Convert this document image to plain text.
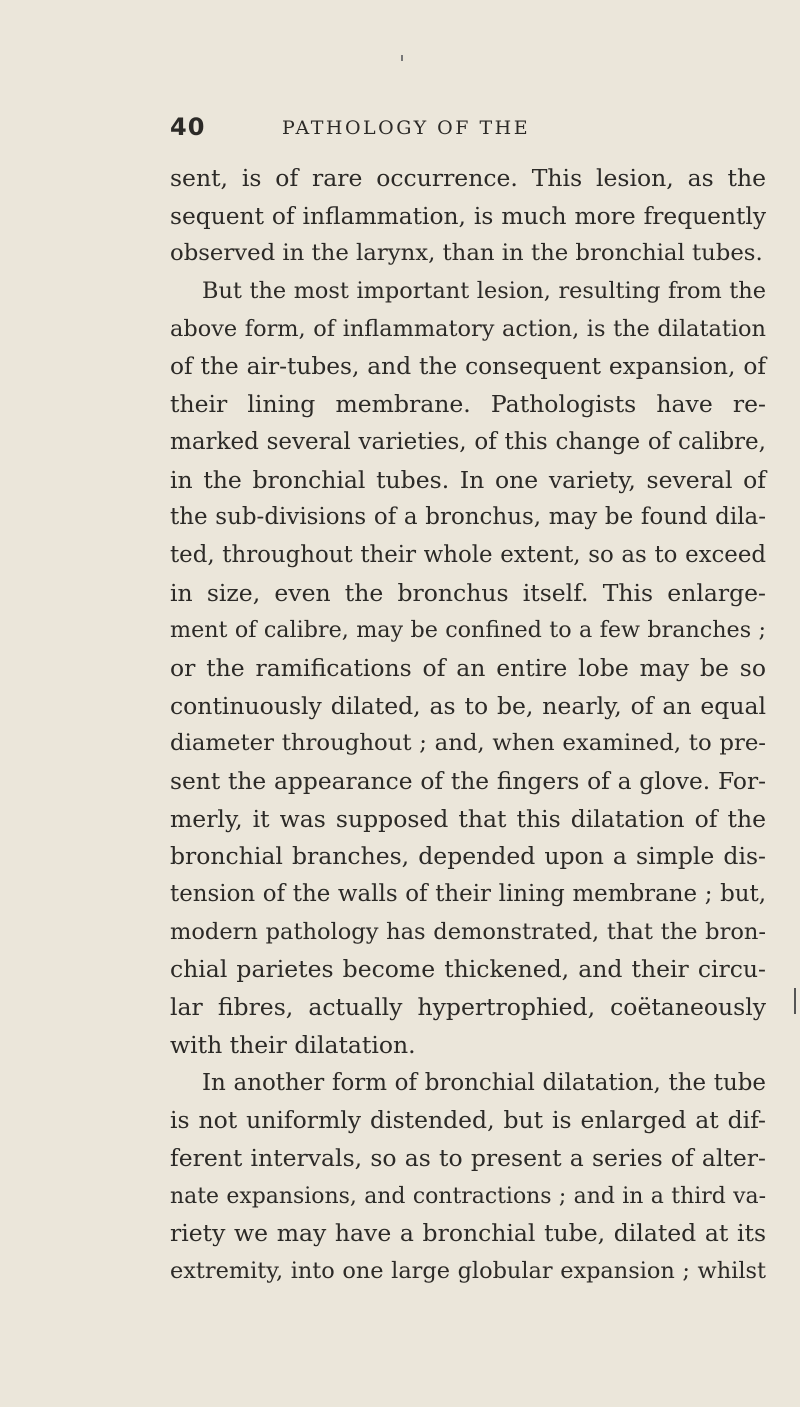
40	PATHOLOGY OF THE
sent, is of rare occurrence. This lesion, as the
sequent of inflammation, is much more frequently
observed in the larynx, than in the bronchial tubes.
But the most important lesion, resulting from the
above form, of inflammatory action, is the dilatation
of the air-tubes, and the consequent expansion, of
their lining membrane. Pathologists have re-
marked several varieties, of this change of calibre,
in the bronchial tubes. In one variety, several of
the sub-divisions of a bronchus, may be found dila-
ted, throughout their whole extent, so as to exceed
in size, even the bronchus itself. This enlarge-
ment of calibre, may be confined to a few branches ;
or the ramifications of an entire lobe may be so
continuously dilated, as to be, nearly, of an equal
diameter throughout ; and, when examined, to pre-
sent the appearance of the fingers of a glove. For-
merly, it was supposed that this dilatation of the
bronchial branches, depended upon a simple dis-
tension of the walls of their lining membrane ; but,
modern pathology has demonstrated, that the bron-
chial parietes become thickened, and their circu-
lar fibres, actually hypertrophied, coëtaneously
with their dilatation.
In another form of bronchial dilatation, the tube
is not uniformly distended, but is enlarged at dif-
ferent intervals, so as to present a series of alter-
nate expansions, and contractions ; and in a third va-
riety we may have a bronchial tube, dilated at its
extremity, into one large globular expansion ; whilst
